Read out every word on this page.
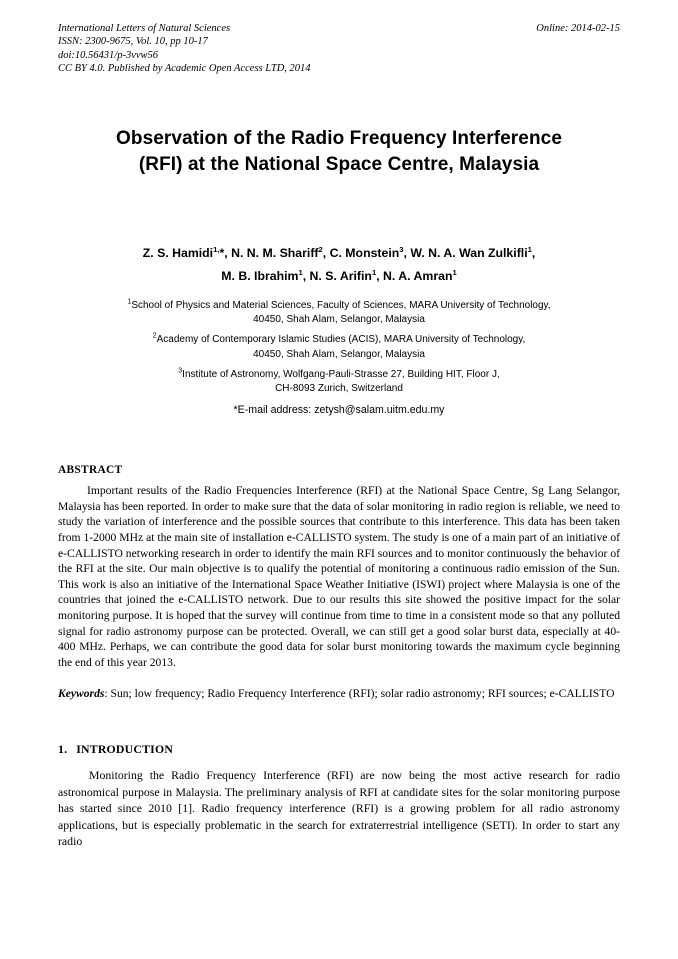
International Letters of Natural Sciences
ISSN: 2300-9675, Vol. 10, pp 10-17
doi:10.56431/p-3vvw56
CC BY 4.0. Published by Academic Open Access LTD, 2014
Online: 2014-02-15
Observation of the Radio Frequency Interference
(RFI) at the National Space Centre, Malaysia
Z. S. Hamidi$^{1,}$*, N. N. M. Shariff$^2$, C. Monstein$^3$, W. N. A. Wan Zulkifli$^1$,
M. B. Ibrahim$^1$, N. S. Arifin$^1$, N. A. Amran$^1$
$^1$School of Physics and Material Sciences, Faculty of Sciences, MARA University of Technology,
40450, Shah Alam, Selangor, Malaysia
$^2$Academy of Contemporary Islamic Studies (ACIS), MARA University of Technology,
40450, Shah Alam, Selangor, Malaysia
$^3$Institute of Astronomy, Wolfgang-Pauli-Strasse 27, Building HIT, Floor J,
CH-8093 Zurich, Switzerland
*E-mail address: zetysh@salam.uitm.edu.my
ABSTRACT
Important results of the Radio Frequencies Interference (RFI) at the National Space Centre, Sg Lang Selangor, Malaysia has been reported. In order to make sure that the data of solar monitoring in radio region is reliable, we need to study the variation of interference and the possible sources that contribute to this interference. This data has been taken from 1-2000 MHz at the main site of installation e-CALLISTO system. The study is one of a main part of an initiative of e-CALLISTO networking research in order to identify the main RFI sources and to monitor continuously the behavior of the RFI at the site. Our main objective is to qualify the potential of monitoring a continuous radio emission of the Sun. This work is also an initiative of the International Space Weather Initiative (ISWI) project where Malaysia is one of the countries that joined the e-CALLISTO network. Due to our results this site showed the positive impact for the solar monitoring purpose. It is hoped that the survey will continue from time to time in a consistent mode so that any polluted signal for radio astronomy purpose can be protected. Overall, we can still get a good solar burst data, especially at 40-400 MHz. Perhaps, we can contribute the good data for solar burst monitoring towards the maximum cycle beginning the end of this year 2013.
Keywords: Sun; low frequency; Radio Frequency Interference (RFI); solar radio astronomy; RFI sources; e-CALLISTO
1. INTRODUCTION
Monitoring the Radio Frequency Interference (RFI) are now being the most active research for radio astronomical purpose in Malaysia. The preliminary analysis of RFI at candidate sites for the solar monitoring purpose has started since 2010 [1]. Radio frequency interference (RFI) is a growing problem for all radio astronomy applications, but is especially problematic in the search for extraterrestrial intelligence (SETI). In order to start any radio
